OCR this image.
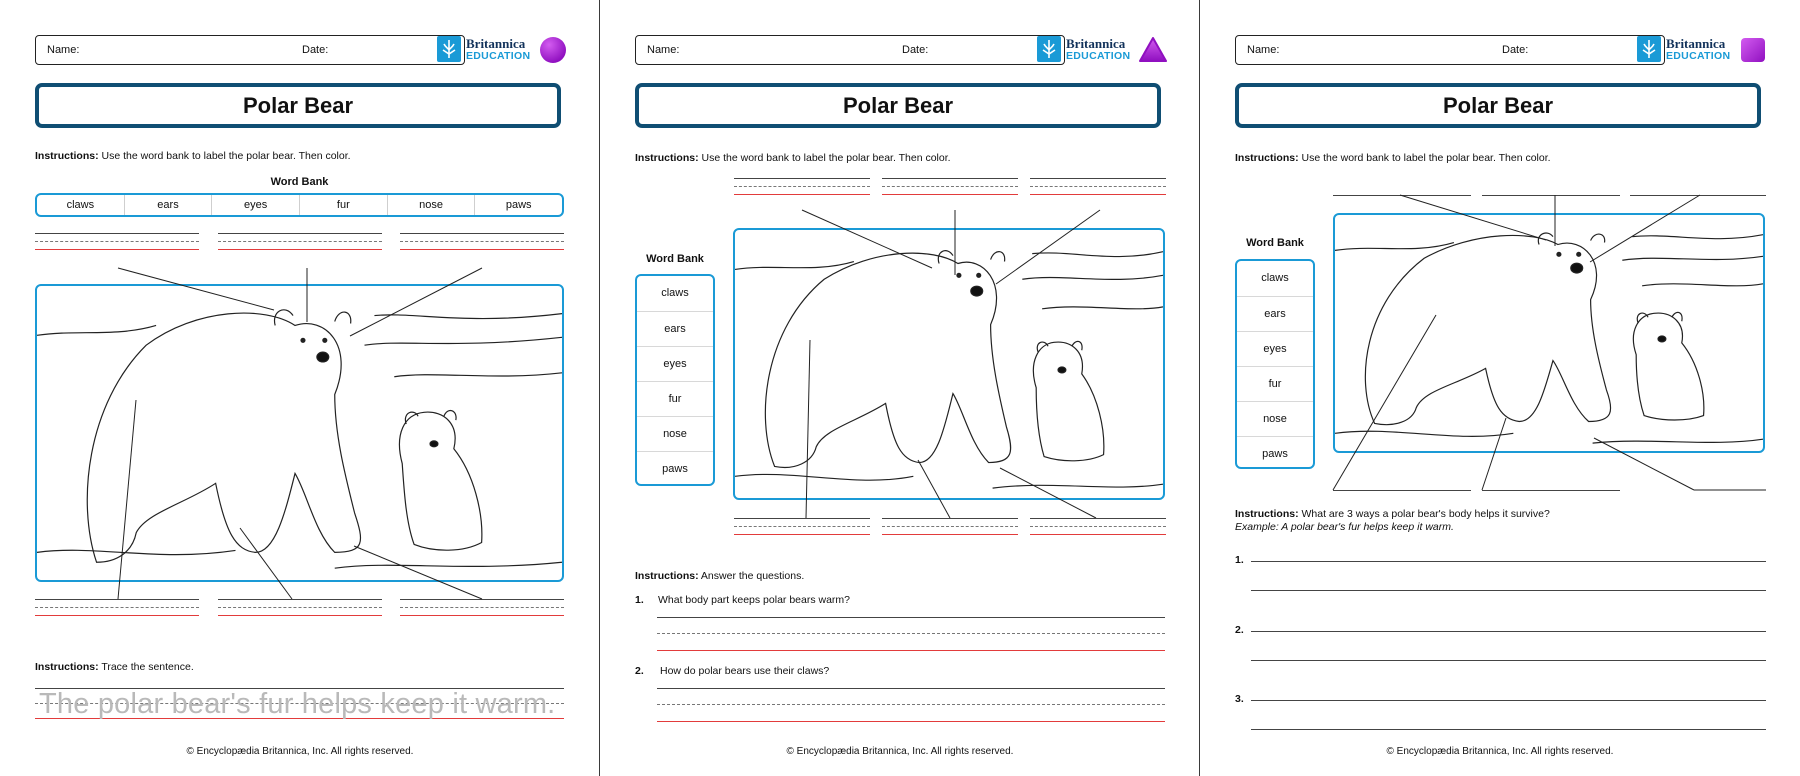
Name:	Date:	Britannica
EDUCATION
Polar Bear
Instructions: Use the word bank to label the polar bear. Then color.
Word Bank
claws	ears	eyes	fur	nose	paws
Instructions: Trace the sentence.
The polar bear's fur helps keep it warm.
© Encyclopædia Britannica, Inc. All rights reserved.
Name:	Date:	Britannica
EDUCATION
Polar Bear
Instructions: Use the word bank to label the polar bear. Then color.
Word Bank
claws
ears
eyes
fur
nose
paws
Instructions: Answer the questions.
1. What body part keeps polar bears warm?
2. How do polar bears use their claws?
© Encyclopædia Britannica, Inc. All rights reserved.
Name:	Date:	Britannica
EDUCATION
Polar Bear
Instructions: Use the word bank to label the polar bear. Then color.
Word Bank
claws
ears
eyes
fur
nose
paws
Instructions: What are 3 ways a polar bear's body helps it survive?
Example: A polar bear's fur helps keep it warm.
1.
2.
3.
© Encyclopædia Britannica, Inc. All rights reserved.
